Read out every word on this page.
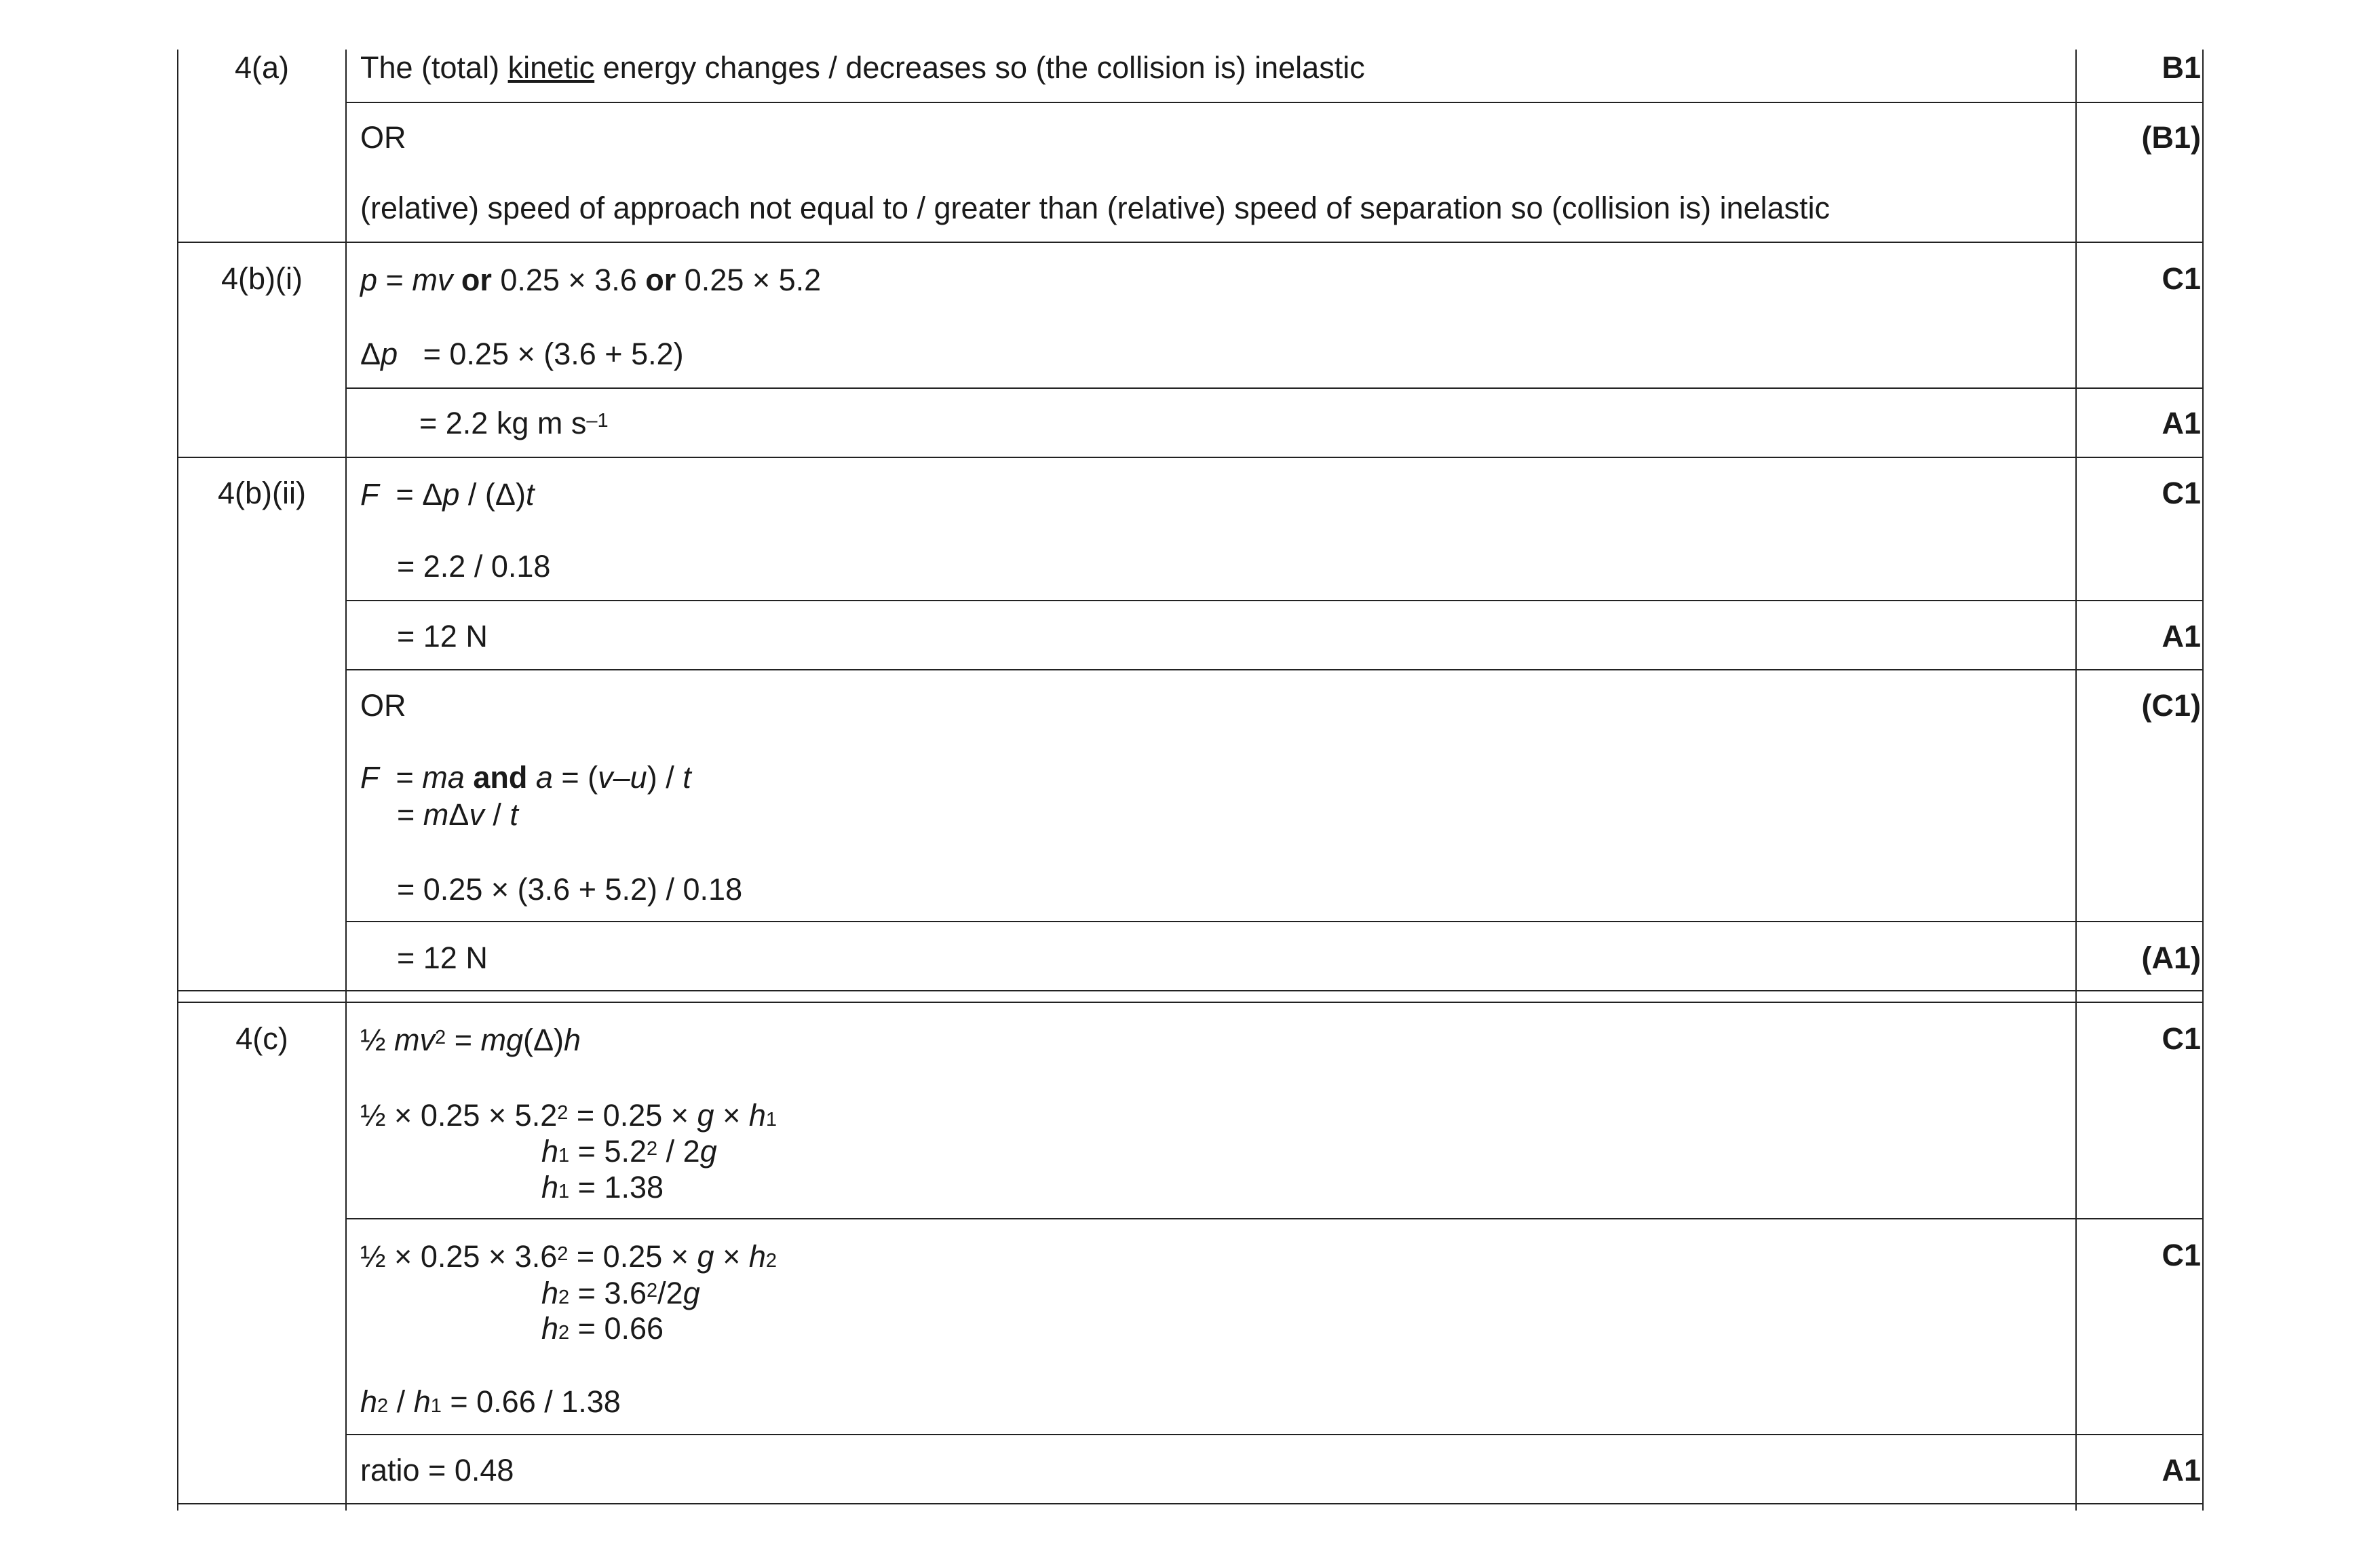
4(a)	The (total) kinetic energy changes / decreases so (the collision is) inelastic	B1
OR	(B1)
(relative) speed of approach not equal to / greater than (relative) speed of separation so (collision is) inelastic
4(b)(i)	p = mv or 0.25 × 3.6 or 0.25 × 5.2	C1
Δp   = 0.25 × (3.6 + 5.2)
= 2.2 kg m $s^{-1}$	A1
4(b)(ii)	F  = Δp / (Δ)t	C1
= 2.2 / 0.18
= 12 N	A1
OR	(C1)
F  = ma and a = (v–u) / t
= mΔv / t
= 0.25 × (3.6 + 5.2) / 0.18
= 12 N	(A1)
4(c)	½ $mv^2 = mg(\Delta)h$	C1
½ × $0.25 \times 5.2^2 = 0.25 \times g \times h_1$
$h_1 = 5.2^2 / 2g$
$h_1 = 1.38$
½ × $0.25 \times 3.6^2 = 0.25 \times g \times h_2$	C1
$h_2 = 3.6^2/2g$
$h_2 = 0.66$
$h_2 / h_1 = 0.66 / 1.38$
ratio = 0.48	A1
